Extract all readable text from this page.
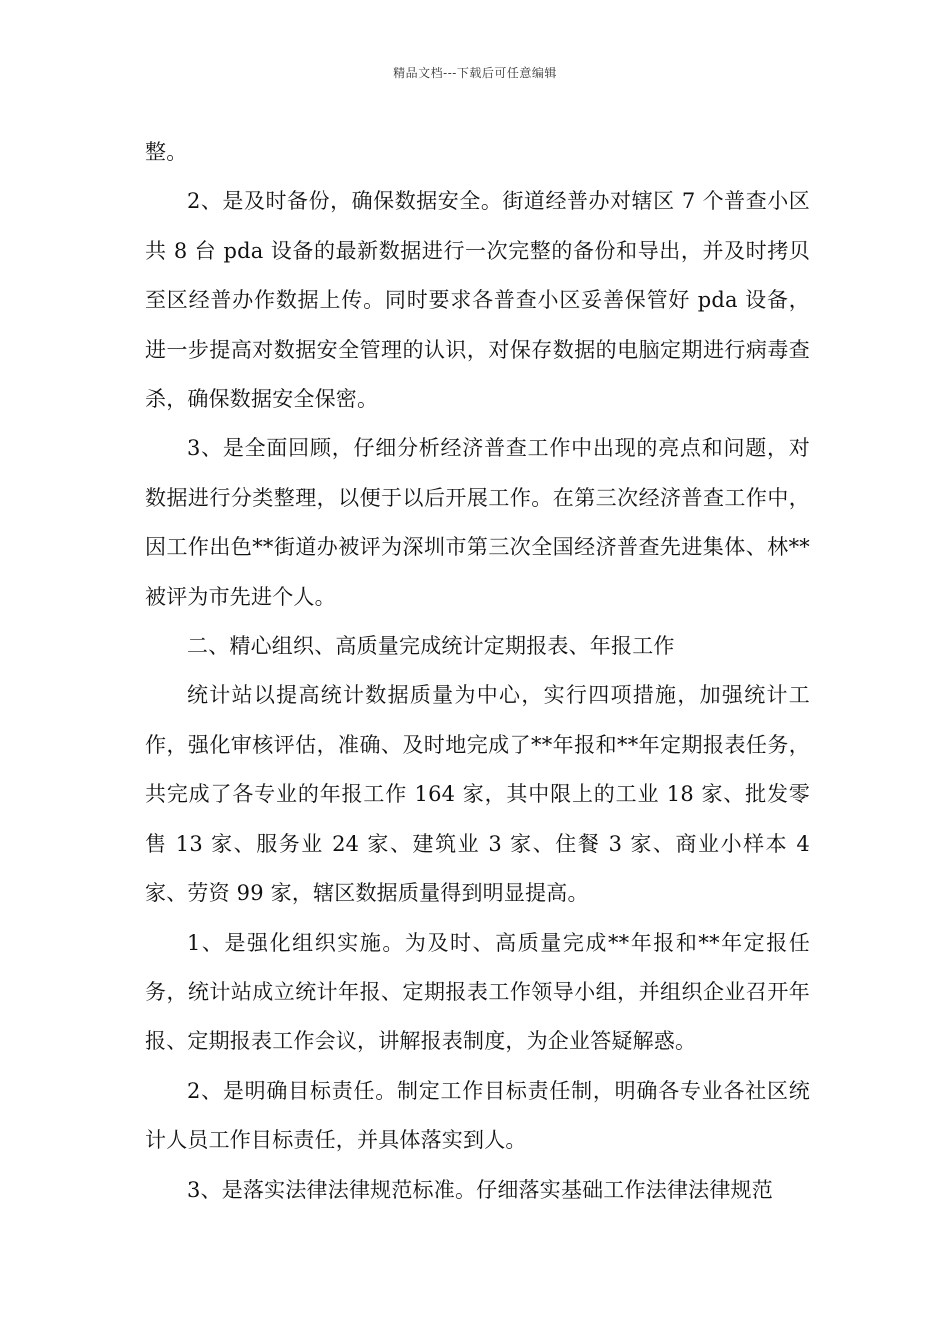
精品文档---下载后可任意编辑

整。

2、是及时备份，确保数据安全。街道经普办对辖区 7 个普查小区共 8 台 pda 设备的最新数据进行一次完整的备份和导出，并及时拷贝至区经普办作数据上传。同时要求各普查小区妥善保管好 pda 设备，进一步提高对数据安全管理的认识，对保存数据的电脑定期进行病毒查杀，确保数据安全保密。

3、是全面回顾，仔细分析经济普查工作中出现的亮点和问题，对数据进行分类整理，以便于以后开展工作。在第三次经济普查工作中，因工作出色**街道办被评为深圳市第三次全国经济普查先进集体、林**被评为市先进个人。

二、精心组织、高质量完成统计定期报表、年报工作

统计站以提高统计数据质量为中心，实行四项措施，加强统计工作，强化审核评估，准确、及时地完成了**年报和**年定期报表任务，共完成了各专业的年报工作 164 家，其中限上的工业 18 家、批发零售 13 家、服务业 24 家、建筑业 3 家、住餐 3 家、商业小样本 4 家、劳资 99 家，辖区数据质量得到明显提高。

1、是强化组织实施。为及时、高质量完成**年报和**年定报任务，统计站成立统计年报、定期报表工作领导小组，并组织企业召开年报、定期报表工作会议，讲解报表制度，为企业答疑解惑。

2、是明确目标责任。制定工作目标责任制，明确各专业各社区统计人员工作目标责任，并具体落实到人。

3、是落实法律法律规范标准。仔细落实基础工作法律法律规范
